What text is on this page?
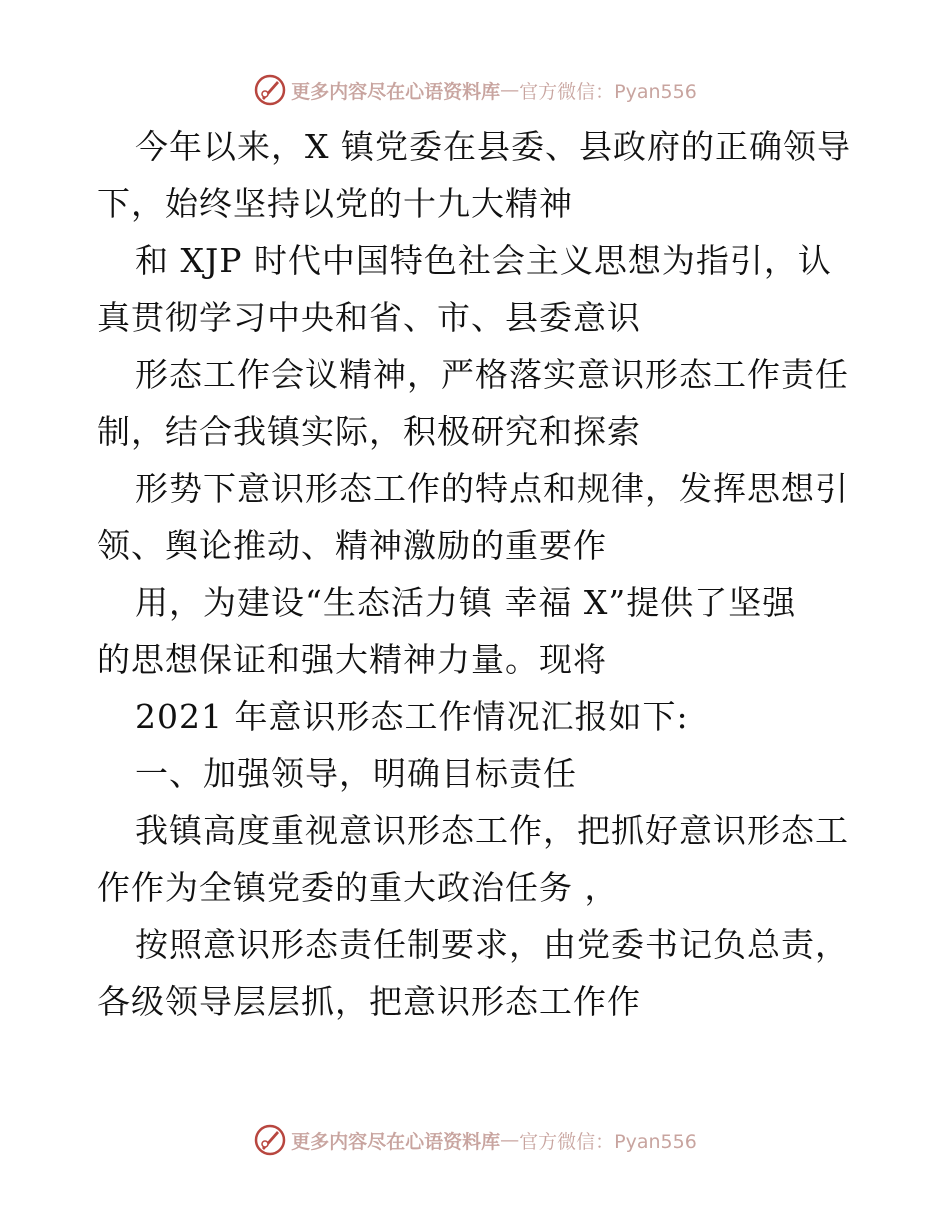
更多内容尽在心语资料库 — 官方微信：Pyan556
今年以来，X 镇党委在县委、县政府的正确领导
下，始终坚持以党的十九大精神
和 XJP 时代中国特色社会主义思想为指引，认
真贯彻学习中央和省、市、县委意识
形态工作会议精神，严格落实意识形态工作责任
制，结合我镇实际，积极研究和探索
形势下意识形态工作的特点和规律，发挥思想引
领、舆论推动、精神激励的重要作
用，为建设“生态活力镇 幸福 X”提供了坚强
的思想保证和强大精神力量。现将
2021 年意识形态工作情况汇报如下:
一、加强领导，明确目标责任
我镇高度重视意识形态工作，把抓好意识形态工
作作为全镇党委的重大政治任务 ，
按照意识形态责任制要求，由党委书记负总责，
各级领导层层抓，把意识形态工作作
更多内容尽在心语资料库 — 官方微信：Pyan556
